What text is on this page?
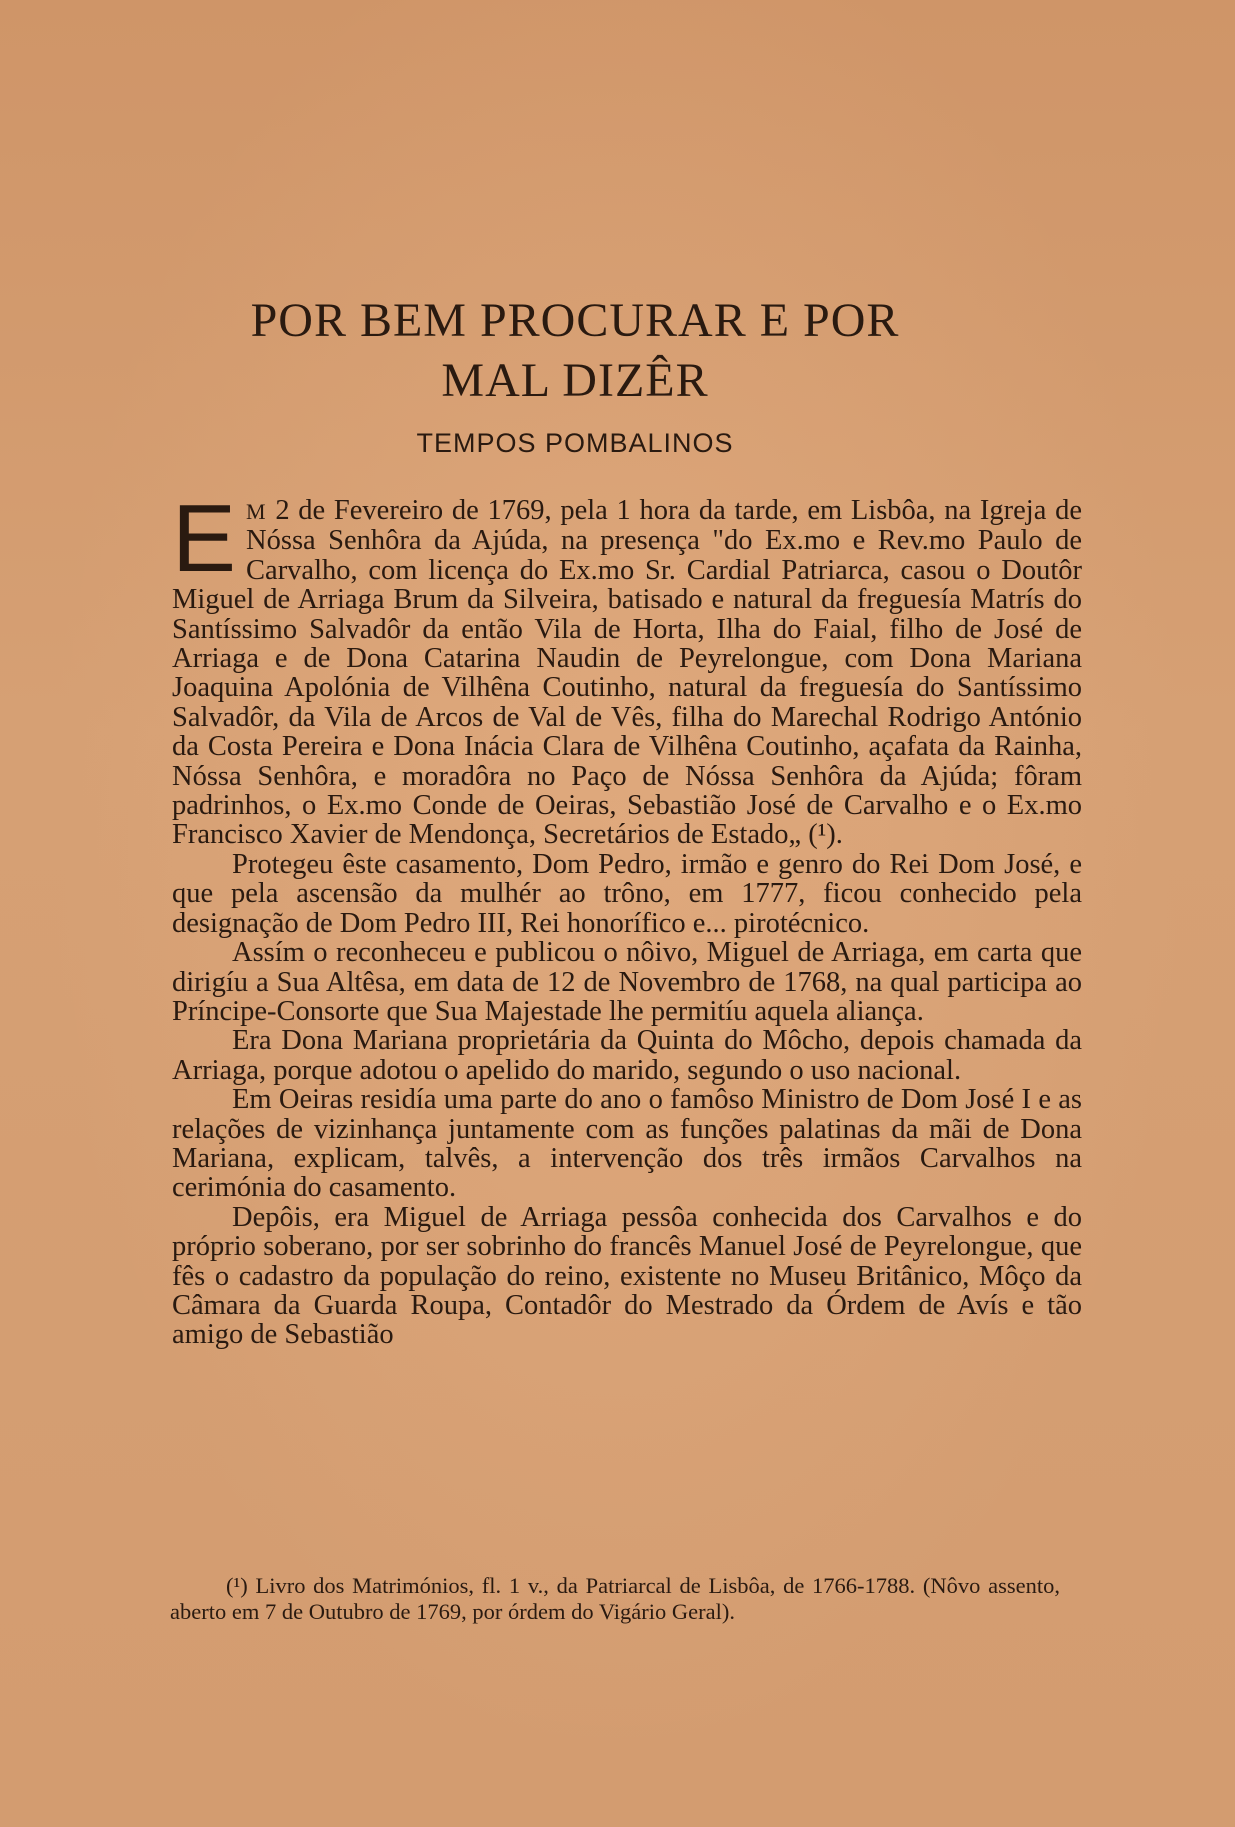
POR BEM PROCURAR E POR
MAL DIZÊR
TEMPOS POMBALINOS

E M 2 de Fevereiro de 1769, pela 1 hora da tarde, em Lisbôa, na Igreja de Nóssa Senhôra da Ajúda, na presença "do Ex.mo e Rev.mo Paulo de Carvalho, com licença do Ex.mo Sr. Cardial Patriarca, casou o Doutôr Miguel de Arriaga Brum da Silveira, batisado e natural da freguesía Matrís do Santíssimo Salvadôr da então Vila de Horta, Ilha do Faial, filho de José de Arriaga e de Dona Catarina Naudin de Peyrelongue, com Dona Mariana Joaquina Apolónia de Vilhêna Coutinho, natural da freguesía do Santíssimo Salvadôr, da Vila de Arcos de Val de Vês, filha do Marechal Rodrigo António da Costa Pereira e Dona Inácia Clara de Vilhêna Coutinho, açafata da Rainha, Nóssa Senhôra, e moradôra no Paço de Nóssa Senhôra da Ajúda; fôram padrinhos, o Ex.mo Conde de Oeiras, Sebastião José de Carvalho e o Ex.mo Francisco Xavier de Mendonça, Secretários de Estado„ (¹).

Protegeu êste casamento, Dom Pedro, irmão e genro do Rei Dom José, e que pela ascensão da mulhér ao trôno, em 1777, ficou conhecido pela designação de Dom Pedro III, Rei honorífico e... pirotécnico.

Assím o reconheceu e publicou o nôivo, Miguel de Arriaga, em carta que dirigíu a Sua Altêsa, em data de 12 de Novembro de 1768, na qual participa ao Príncipe-Consorte que Sua Majestade lhe permitíu aquela aliança.

Era Dona Mariana proprietária da Quinta do Môcho, depois chamada da Arriaga, porque adotou o apelido do marido, segundo o uso nacional.

Em Oeiras residía uma parte do ano o famôso Ministro de Dom José I e as relações de vizinhança juntamente com as funções palatinas da mãi de Dona Mariana, explicam, talvês, a intervenção dos três irmãos Carvalhos na cerimónia do casamento.

Depôis, era Miguel de Arriaga pessôa conhecida dos Carvalhos e do próprio soberano, por ser sobrinho do francês Manuel José de Peyrelongue, que fês o cadastro da população do reino, existente no Museu Britânico, Môço da Câmara da Guarda Roupa, Contadôr do Mestrado da Órdem de Avís e tão amigo de Sebastião

(¹) Livro dos Matrimónios, fl. 1 v., da Patriarcal de Lisbôa, de 1766-1788. (Nôvo assento, aberto em 7 de Outubro de 1769, por órdem do Vigário Geral).
